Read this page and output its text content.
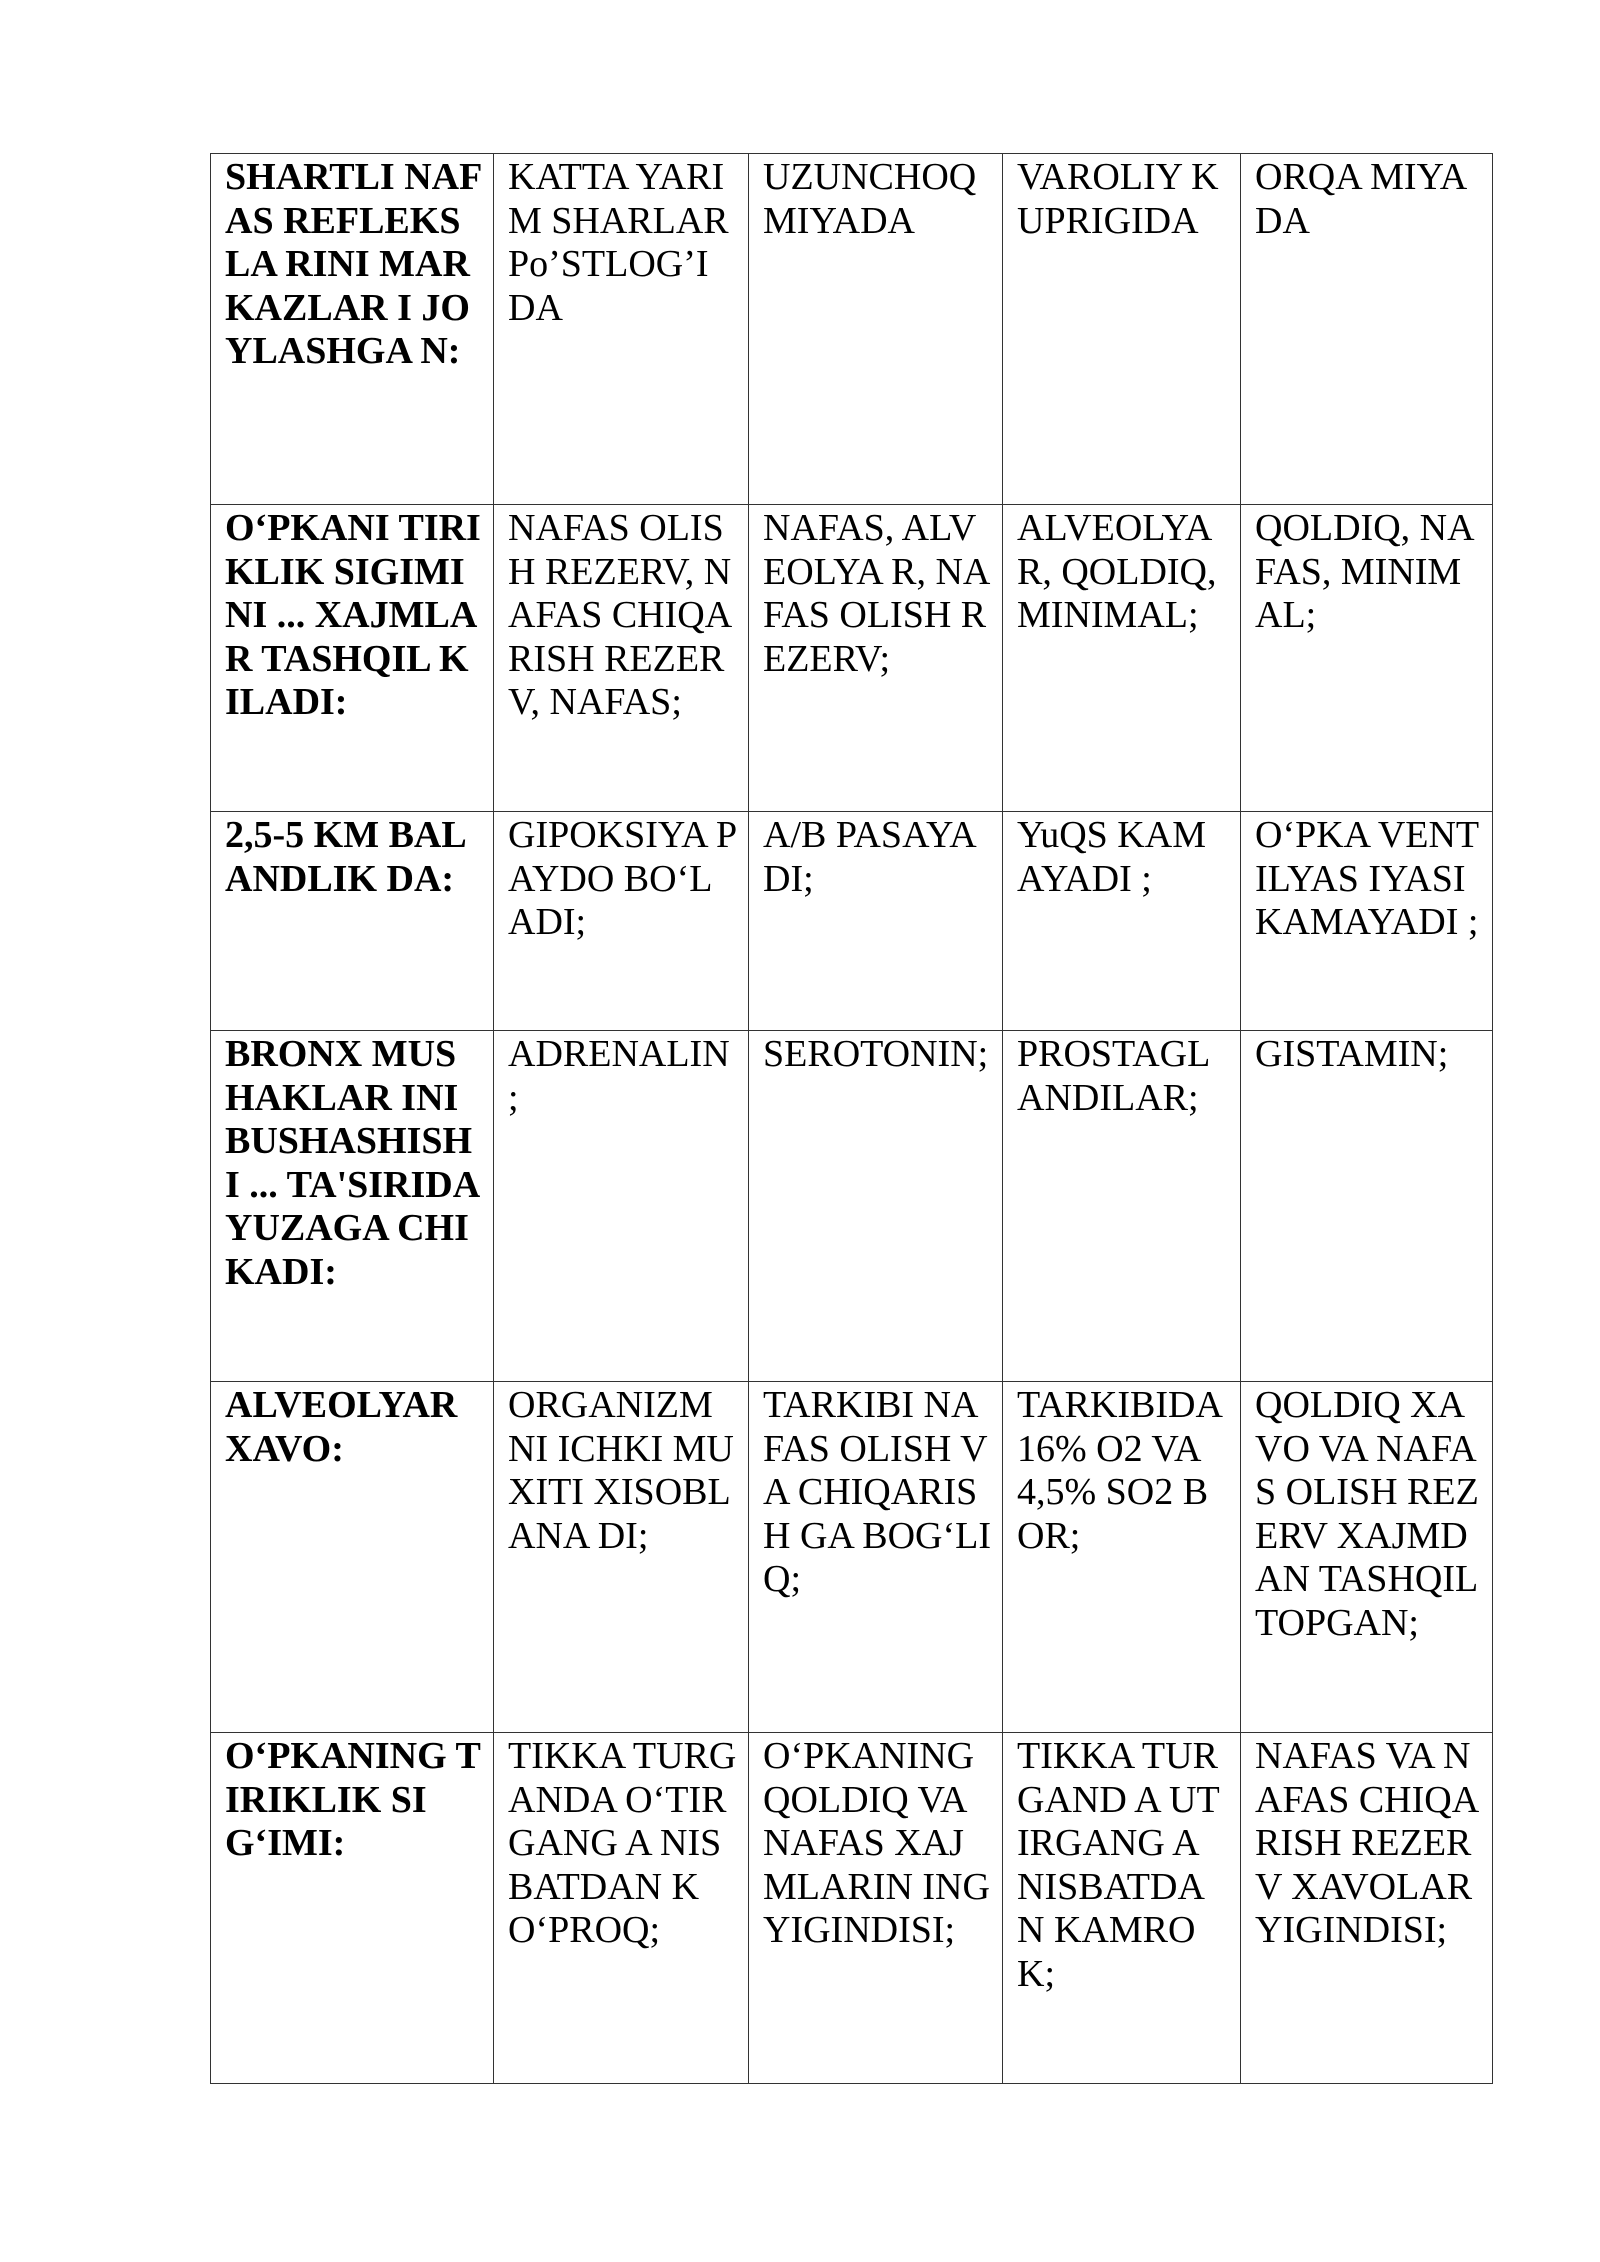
SHARTLI NAFAS REFLEKSLA RINI MARKAZLAR I JOYLASHGA N:	KATTA YARIM SHARLAR Po’STLOG’I DA	UZUNCHOQ MIYADA	VAROLIY KUPRIGIDA	ORQA MIYADA
O‘PKANI TIRIKLIK SIGIMINI ... XAJMLAR TASHQIL KILADI:	NAFAS OLISH REZERV, NAFAS CHIQARISH REZERV, NAFAS;	NAFAS, ALVEOLYA R, NAFAS OLISH REZERV;	ALVEOLYA R, QOLDIQ, MINIMAL;	QOLDIQ, NAFAS, MINIMAL;
2,5-5 KM BALANDLIK DA:	GIPOKSIYA PAYDO BO‘LADI;	A/B PASAYADI;	YuQS KAMAYADI ;	O‘PKA VENTILYAS IYASI KAMAYADI ;
BRONX MUSHAKLAR INI BUSHASHISH I ... TA'SIRIDA YUZAGA CHIKADI:	ADRENALIN ;	SEROTONIN;	PROSTAGL ANDILAR;	GISTAMIN;
ALVEOLYAR XAVO:	ORGANIZM NI ICHKI MUXITI XISOBLANA DI;	TARKIBI NAFAS OLISH VA CHIQARISH GA BOG‘LIQ;	TARKIBIDA 16% O2 VA 4,5% SO2 BOR;	QOLDIQ XAVO VA NAFAS OLISH REZERV XAJMDAN TASHQIL TOPGAN;
O‘PKANING TIRIKLIK SIG‘IMI:	TIKKA TURGANDA O‘TIRGANG A NISBATDAN KO‘PROQ;	O‘PKANING QOLDIQ VA NAFAS XAJMLARIN ING YIGINDISI;	TIKKA TURGAND A UTIRGANG A NISBATDA N KAMROK;	NAFAS VA NAFAS CHIQARISH REZERV XAVOLAR YIGINDISI;
